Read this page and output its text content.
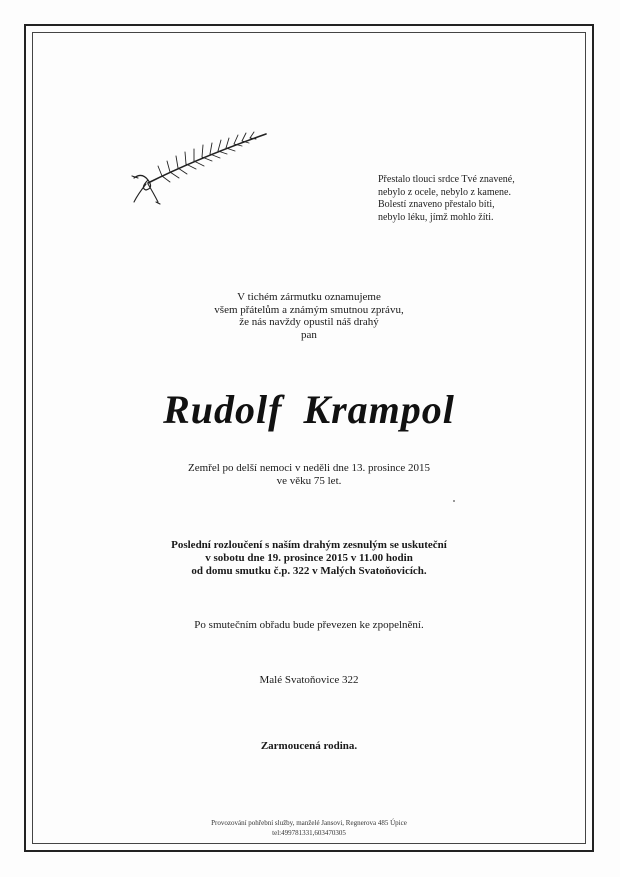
Přestalo tlouci srdce Tvé znavené,
nebylo z ocele, nebylo z kamene.
Bolestí znaveno přestalo bíti,
nebylo léku, jímž mohlo žíti.
V tichém zármutku oznamujeme
všem přátelům a známým smutnou zprávu,
že nás navždy opustil náš drahý
pan
Rudolf Krampol
Zemřel po delší nemoci v neděli dne 13. prosince 2015
ve věku 75 let.
Poslední rozloučení s naším drahým zesnulým se uskuteční
v sobotu dne 19. prosince 2015 v 11.00 hodin
od domu smutku č.p. 322 v Malých Svatoňovicích.
Po smutečním obřadu bude převezen ke zpopelnění.
Malé Svatoňovice 322
Zarmoucená rodina.
Provozování pohřební služby, manželé Jansovi, Regnerova 485 Úpice
tel:499781331,603470305
